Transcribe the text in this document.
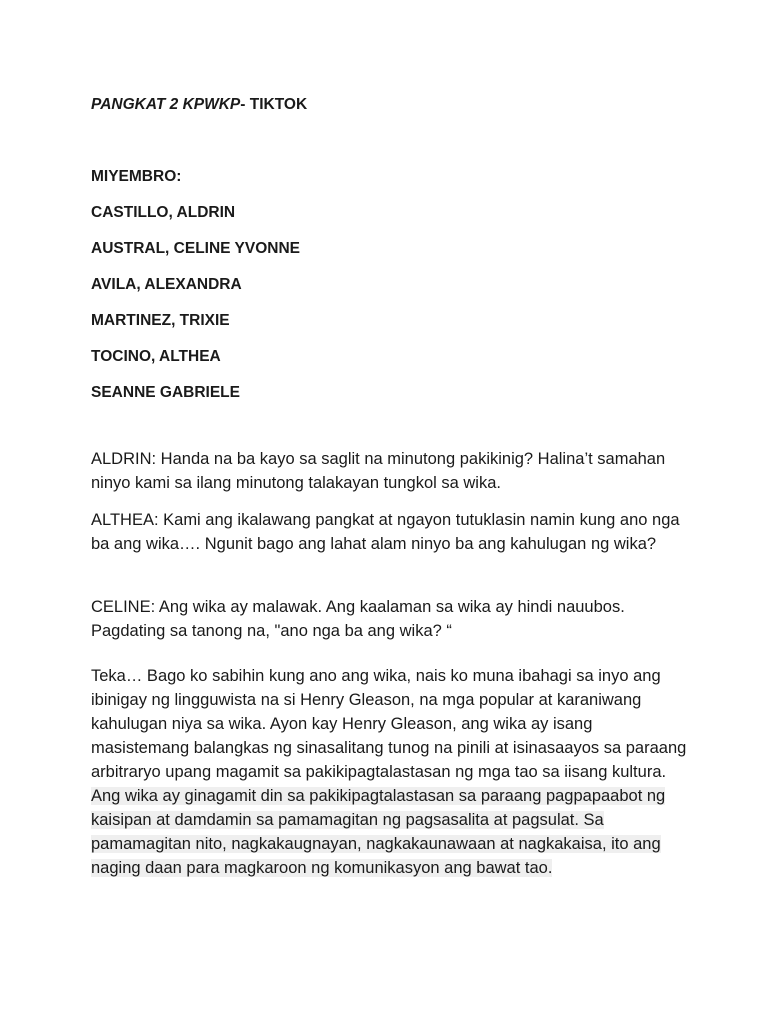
PANGKAT 2 KPWKP- TIKTOK
MIYEMBRO:
CASTILLO, ALDRIN
AUSTRAL, CELINE YVONNE
AVILA, ALEXANDRA
MARTINEZ, TRIXIE
TOCINO, ALTHEA
SEANNE GABRIELE

ALDRIN: Handa na ba kayo sa saglit na minutong pakikinig? Halina’t samahan ninyo kami sa ilang minutong talakayan tungkol sa wika.

ALTHEA: Kami ang ikalawang pangkat at ngayon tutuklasin namin kung ano nga ba ang wika…. Ngunit bago ang lahat alam ninyo ba ang kahulugan ng wika?

CELINE: Ang wika ay malawak. Ang kaalaman sa wika ay hindi nauubos. Pagdating sa tanong na, "ano nga ba ang wika? “

Teka… Bago ko sabihin kung ano ang wika, nais ko muna ibahagi sa inyo ang ibinigay ng lingguwista na si Henry Gleason, na mga popular at karaniwang kahulugan niya sa wika. Ayon kay Henry Gleason, ang wika ay isang masistemang balangkas ng sinasalitang tunog na pinili at isinasaayos sa paraang arbitraryo upang magamit sa pakikipagtalastasan ng mga tao sa iisang kultura. Ang wika ay ginagamit din sa pakikipagtalastasan sa paraang pagpapaabot ng kaisipan at damdamin sa pamamagitan ng pagsasalita at pagsulat. Sa pamamagitan nito, nagkakaugnayan, nagkakaunawaan at nagkakaisa, ito ang naging daan para magkaroon ng komunikasyon ang bawat tao.
